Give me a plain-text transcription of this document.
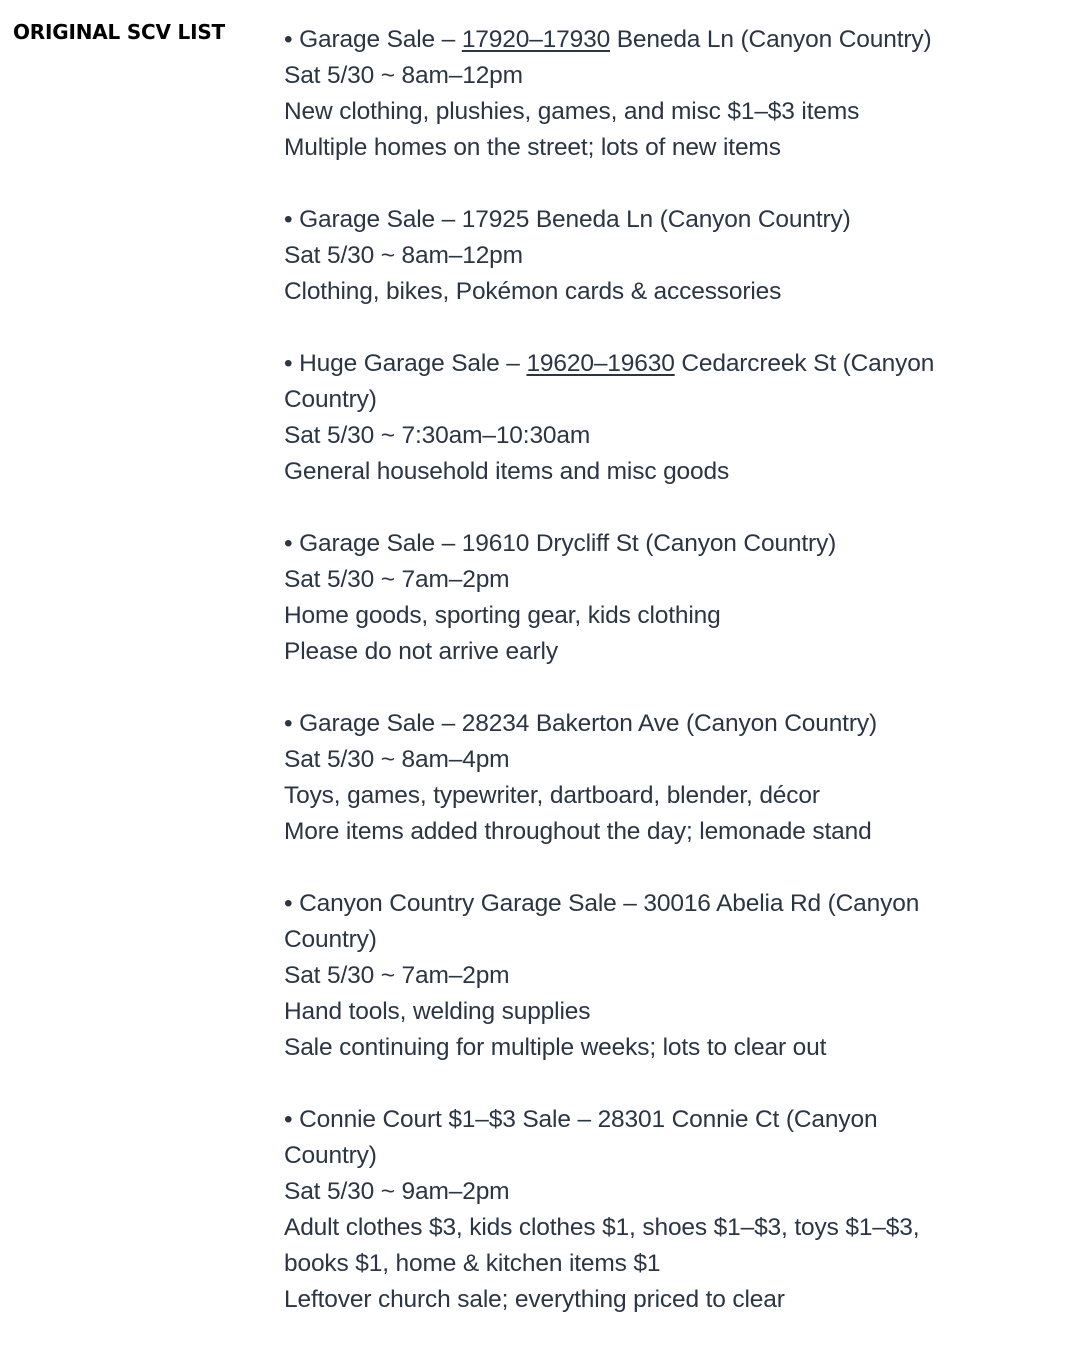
ORIGINAL SCV LIST • Garage Sale – 17920–17930 Beneda Ln (Canyon Country)
Sat 5/30 ~ 8am–12pm
New clothing, plushies, games, and misc $1–$3 items
Multiple homes on the street; lots of new items
• Garage Sale – 17925 Beneda Ln (Canyon Country)
Sat 5/30 ~ 8am–12pm
Clothing, bikes, Pokémon cards & accessories
• Huge Garage Sale – 19620–19630 Cedarcreek St (Canyon Country)
Sat 5/30 ~ 7:30am–10:30am
General household items and misc goods
• Garage Sale – 19610 Drycliff St (Canyon Country)
Sat 5/30 ~ 7am–2pm
Home goods, sporting gear, kids clothing
Please do not arrive early
• Garage Sale – 28234 Bakerton Ave (Canyon Country)
Sat 5/30 ~ 8am–4pm
Toys, games, typewriter, dartboard, blender, décor
More items added throughout the day; lemonade stand
• Canyon Country Garage Sale – 30016 Abelia Rd (Canyon Country)
Sat 5/30 ~ 7am–2pm
Hand tools, welding supplies
Sale continuing for multiple weeks; lots to clear out
• Connie Court $1–$3 Sale – 28301 Connie Ct (Canyon Country)
Sat 5/30 ~ 9am–2pm
Adult clothes $3, kids clothes $1, shoes $1–$3, toys $1–$3, books $1, home & kitchen items $1
Leftover church sale; everything priced to clear
